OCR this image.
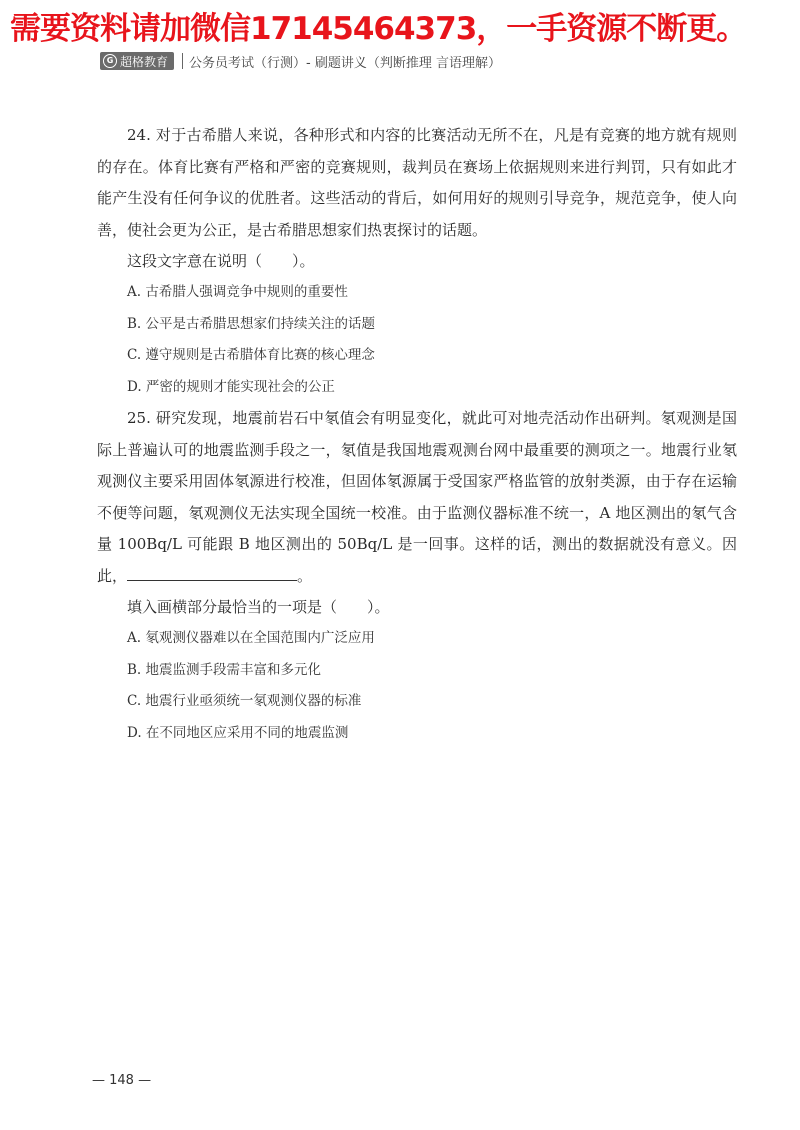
需要资料请加微信17145464373，一手资源不断更。
G 超格教育 公务员考试（行测）- 刷题讲义（判断推理 言语理解）

24. 对于古希腊人来说，各种形式和内容的比赛活动无所不在，凡是有竞赛的地方就有规则的存在。体育比赛有严格和严密的竞赛规则，裁判员在赛场上依据规则来进行判罚，只有如此才能产生没有任何争议的优胜者。这些活动的背后，如何用好的规则引导竞争，规范竞争，使人向善，使社会更为公正，是古希腊思想家们热衷探讨的话题。

这段文字意在说明（　　）。

A. 古希腊人强调竞争中规则的重要性

B. 公平是古希腊思想家们持续关注的话题

C. 遵守规则是古希腊体育比赛的核心理念

D. 严密的规则才能实现社会的公正

25. 研究发现，地震前岩石中氡值会有明显变化，就此可对地壳活动作出研判。氡观测是国际上普遍认可的地震监测手段之一，氡值是我国地震观测台网中最重要的测项之一。地震行业氡观测仪主要采用固体氡源进行校准，但固体氡源属于受国家严格监管的放射类源，由于存在运输不便等问题，氡观测仪无法实现全国统一校准。由于监测仪器标准不统一，A 地区测出的氡气含量 100Bq/L 可能跟 B 地区测出的 50Bq/L 是一回事。这样的话，测出的数据就没有意义。因此，	。

填入画横部分最恰当的一项是（　　）。

A. 氡观测仪器难以在全国范围内广泛应用

B. 地震监测手段需丰富和多元化

C. 地震行业亟须统一氡观测仪器的标准

D. 在不同地区应采用不同的地震监测

— 148 —
